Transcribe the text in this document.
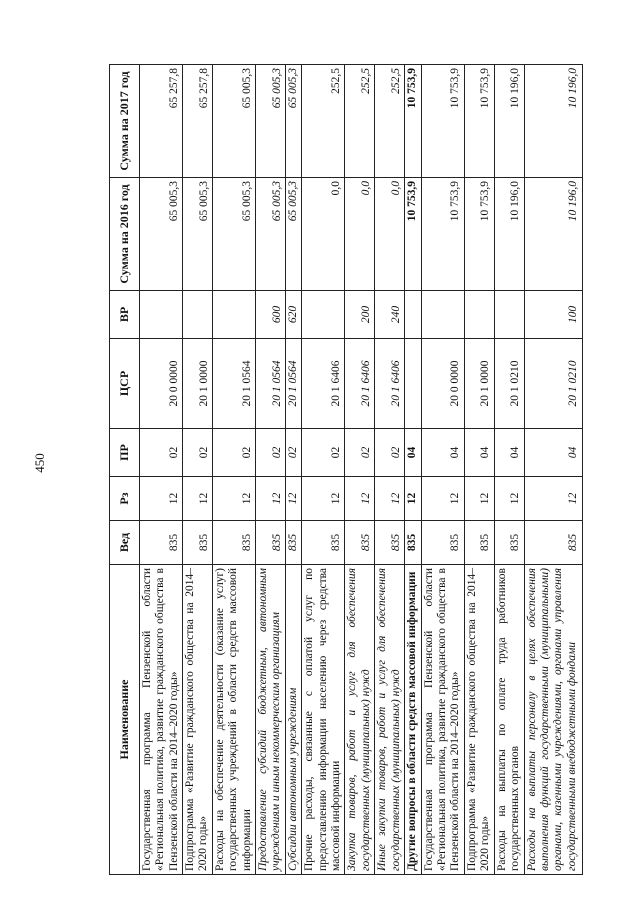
450
Наименование	Вед	Рз	ПР	ЦСР	ВР	Сумма на 2016 год	Сумма на 2017 год
Государственная программа Пензенской области «Региональная политика, развитие гражданского общества в Пензенской области на 2014–2020 годы»	835	12	02	20 0 0000		65 005,3	65 257,8
Подпрограмма «Развитие гражданского общества на 2014–2020 годы»	835	12	02	20 1 0000		65 005,3	65 257,8
Расходы на обеспечение деятельности (оказание услуг) государственных учреждений в области средств массовой информации	835	12	02	20 1 0564		65 005,3	65 005,3
Предоставление субсидий бюджетным, автономным учреждениям и иным некоммерческим организациям	835	12	02	20 1 0564	600	65 005,3	65 005,3
Субсидии автономным учреждениям	835	12	02	20 1 0564	620	65 005,3	65 005,3
Прочие расходы, связанные с оплатой услуг по предоставлению информации населению через средства массовой информации	835	12	02	20 1 6406		0,0	252,5
Закупка товаров, работ и услуг для обеспечения государственных (муниципальных) нужд	835	12	02	20 1 6406	200	0,0	252,5
Иные закупки товаров, работ и услуг для обеспечения государственных (муниципальных) нужд	835	12	02	20 1 6406	240	0,0	252,5
Другие вопросы в области средств массовой информации	835	12	04			10 753,9	10 753,9
Государственная программа Пензенской области «Региональная политика, развитие гражданского общества в Пензенской области на 2014–2020 годы»	835	12	04	20 0 0000		10 753,9	10 753,9
Подпрограмма «Развитие гражданского общества на 2014–2020 годы»	835	12	04	20 1 0000		10 753,9	10 753,9
Расходы на выплаты по оплате труда работников государственных органов	835	12	04	20 1 0210		10 196,0	10 196,0
Расходы на выплаты персоналу в целях обеспечения выполнения функций государственными (муниципальными) органами, казенными учреждениями, органами управления государственными внебюджетными фондами	835	12	04	20 1 0210	100	10 196,0	10 196,0
